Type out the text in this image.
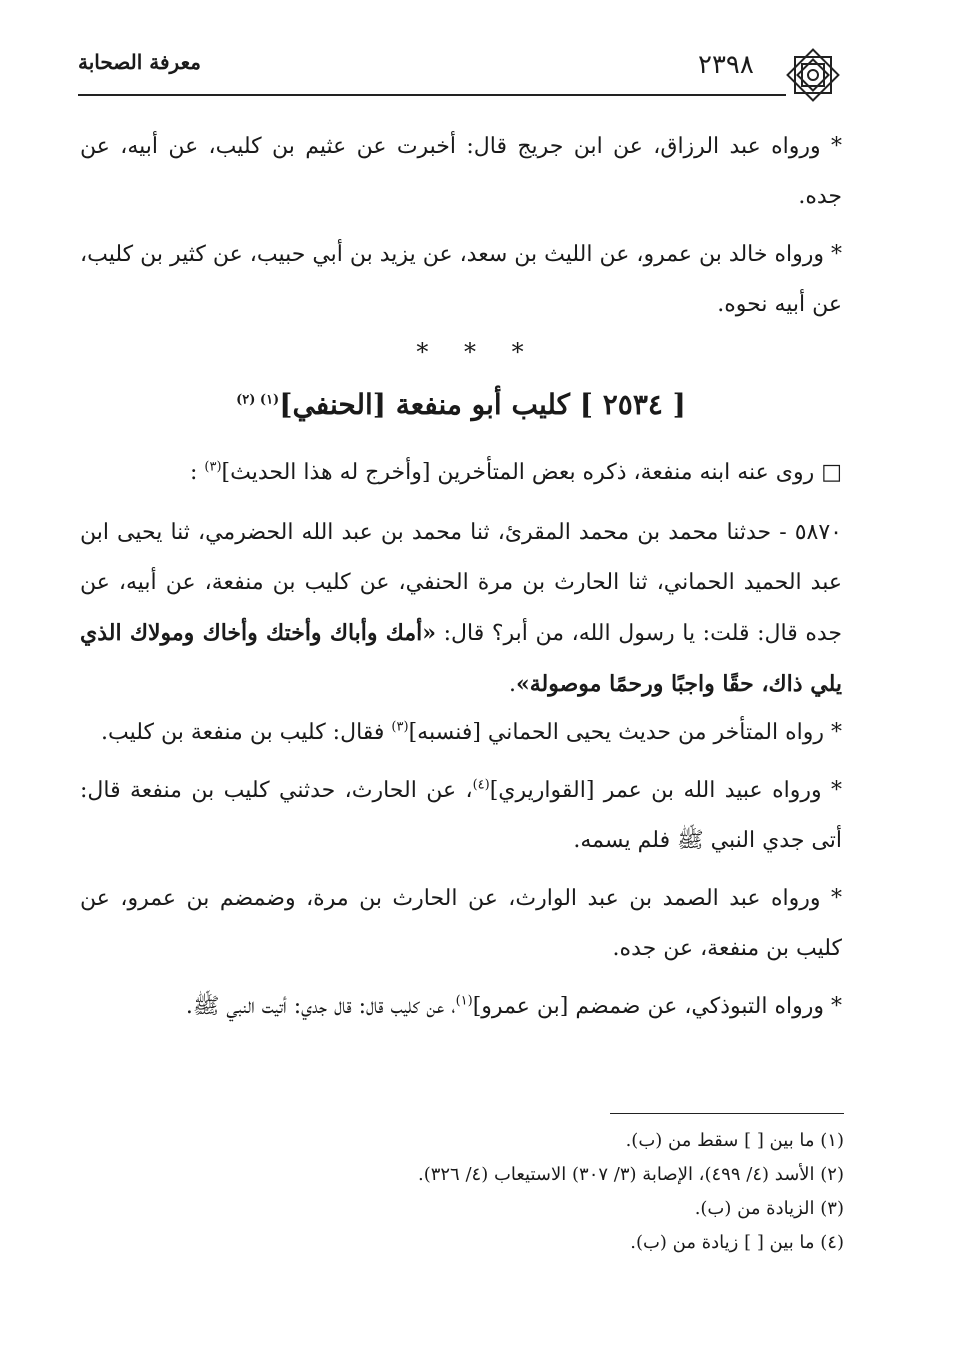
معرفة الصحابة	٢٣٩٨
* ورواه عبد الرزاق، عن ابن جريج قال: أخبرت عن عثيم بن كليب، عن أبيه، عن جده.
* ورواه خالد بن عمرو، عن الليث بن سعد، عن يزيد بن أبي حبيب، عن كثير بن كليب، عن أبيه نحوه.
* * *
[ ٢٥٣٤ ] كليب أبو منفعة [الحنفي]$^{(١) (٢)}$
□ روى عنه ابنه منفعة، ذكره بعض المتأخرين [وأخرج له هذا الحديث]$^{(٣)}$ :
٥٨٧٠ - حدثنا محمد بن محمد المقرئ، ثنا محمد بن عبد الله الحضرمي، ثنا يحيى ابن عبد الحميد الحماني، ثنا الحارث بن مرة الحنفي، عن كليب بن منفعة، عن أبيه، عن جده قال: قلت: يا رسول الله، من أبر؟ قال: «أمك وأباك وأختك وأخاك ومولاك الذي يلي ذاك، حقًا واجبًا ورحمًا موصولة».
* رواه المتأخر من حديث يحيى الحماني [فنسبه]$^{(٣)}$ فقال: كليب بن منفعة بن كليب.
* ورواه عبيد الله بن عمر [القواريري]$^{(٤)}$، عن الحارث، حدثني كليب بن منفعة قال: أتى جدي النبي ﷺ فلم يسمه.
* ورواه عبد الصمد بن عبد الوارث، عن الحارث بن مرة، وضمضم بن عمرو، عن كليب بن منفعة، عن جده.
* ورواه التبوذكي، عن ضمضم [بن عمرو]$^{(١)}$، عن كليب قال: قال جدي: أتيت النبي ﷺ.
(١) ما بين [ ] سقط من (ب).
(٢) الأسد (٤/ ٤٩٩)، الإصابة (٣/ ٣٠٧) الاستيعاب (٤/ ٣٢٦).
(٣) الزيادة من (ب).
(٤) ما بين [ ] زيادة من (ب).
